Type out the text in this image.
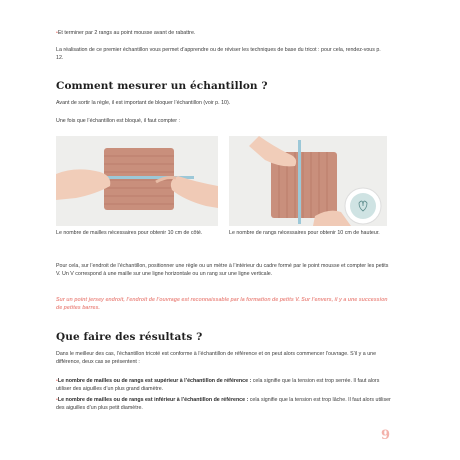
•Et terminer par 2 rangs au point mousse avant de rabattre.
La réalisation de ce premier échantillon vous permet d’apprendre ou de réviser les techniques de base du tricot : pour cela, rendez-vous p. 12.
Comment mesurer un échantillon ?
Avant de sortir la règle, il est important de bloquer l’échantillon (voir p. 10).
Une fois que l’échantillon est bloqué, il faut compter :
Le nombre de mailles nécessaires pour obtenir 10 cm de côté.	Le nombre de rangs nécessaires pour obtenir 10 cm de hauteur.
Pour cela, sur l’endroit de l’échantillon, positionner une règle ou un mètre à l’intérieur du cadre formé par le point mousse et compter les petits V. Un V correspond à une maille sur une ligne horizontale ou un rang sur une ligne verticale.
Sur un point jersey endroit, l’endroit de l’ouvrage est reconnaissable par la formation de petits V. Sur l’envers, il y a une succession de petites barres.
Que faire des résultats ?
Dans le meilleur des cas, l’échantillon tricoté est conforme à l’échantillon de référence et on peut alors commencer l’ouvrage. S’il y a une différence, deux cas se présentent :
•Le nombre de mailles ou de rangs est supérieur à l’échantillon de référence : cela signifie que la tension est trop serrée. Il faut alors utiliser des aiguilles d’un plus grand diamètre.
•Le nombre de mailles ou de rangs est inférieur à l’échantillon de référence : cela signifie que la tension est trop lâche. Il faut alors utiliser des aiguilles d’un plus petit diamètre.
9
